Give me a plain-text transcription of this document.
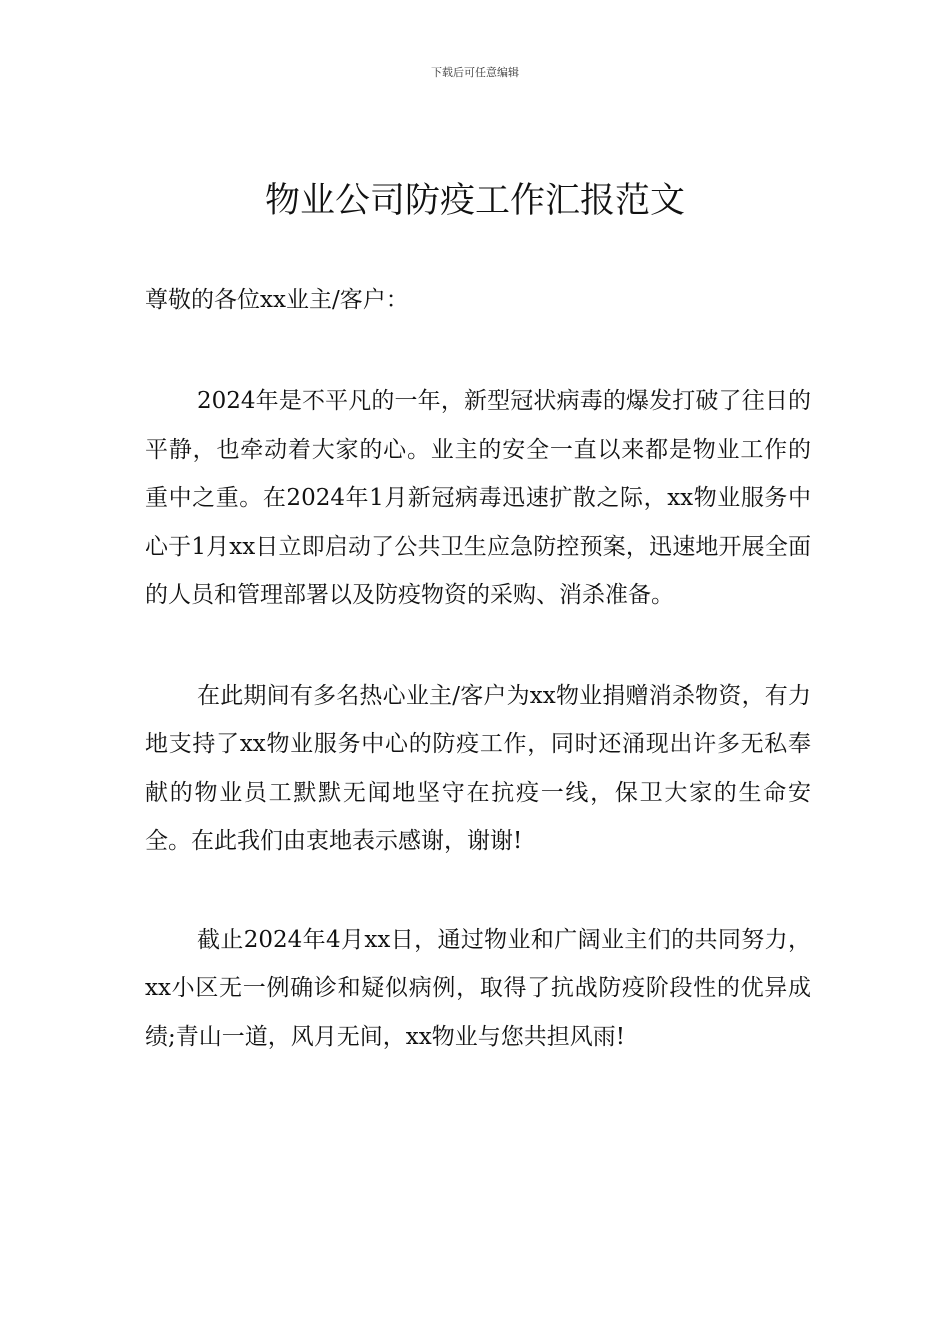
下载后可任意编辑
物业公司防疫工作汇报范文

尊敬的各位xx业主/客户：

2024年是不平凡的一年，新型冠状病毒的爆发打破了往日的平静，也牵动着大家的心。业主的安全一直以来都是物业工作的重中之重。在2024年1月新冠病毒迅速扩散之际，xx物业服务中心于1月xx日立即启动了公共卫生应急防控预案，迅速地开展全面的人员和管理部署以及防疫物资的采购、消杀准备。

在此期间有多名热心业主/客户为xx物业捐赠消杀物资，有力地支持了xx物业服务中心的防疫工作，同时还涌现出许多无私奉献的物业员工默默无闻地坚守在抗疫一线，保卫大家的生命安全。在此我们由衷地表示感谢，谢谢!

截止2024年4月xx日，通过物业和广阔业主们的共同努力，xx小区无一例确诊和疑似病例，取得了抗战防疫阶段性的优异成绩;青山一道，风月无间，xx物业与您共担风雨!
